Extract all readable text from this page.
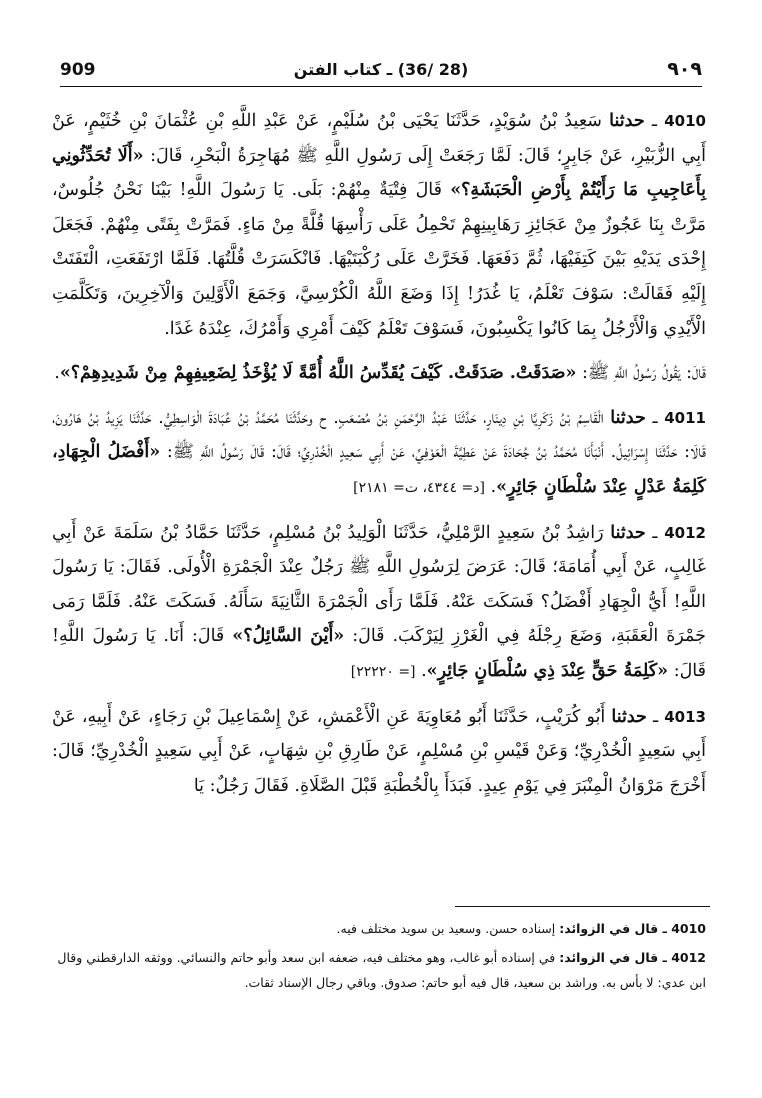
909	(28 /36) ـ كتاب الفتن	٩٠٩

4010 ـ حدثنا سَعِيدُ بْنُ سُوَيْدٍ، حَدَّثَنَا يَحْيَى بْنُ سُلَيْمٍ، عَنْ عَبْدِ اللَّهِ بْنِ عُثْمَانَ بْنِ خُثَيْمٍ، عَنْ أَبِي الزُّبَيْرِ، عَنْ جَابِرٍ؛ قَالَ: لَمَّا رَجَعَتْ إِلَى رَسُولِ اللَّهِ ﷺ مُهَاجِرَةُ الْبَحْرِ، قَالَ: «أَلَا تُحَدِّثُونِي بِأَعَاجِيبِ مَا رَأَيْتُمْ بِأَرْضِ الْحَبَشَةِ؟» قَالَ فِتْيَةٌ مِنْهُمْ: بَلَى. يَا رَسُولَ اللَّهِ! بَيْنَا نَحْنُ جُلُوسٌ، مَرَّتْ بِنَا عَجُوزٌ مِنْ عَجَائِزِ رَهَابِينِهِمْ تَحْمِلُ عَلَى رَأْسِهَا قُلَّةً مِنْ مَاءٍ. فَمَرَّتْ بِفَتًى مِنْهُمْ. فَجَعَلَ إِحْدَى يَدَيْهِ بَيْنَ كَتِفَيْهَا، ثُمَّ دَفَعَهَا. فَخَرَّتْ عَلَى رُكْبَتَيْهَا. فَانْكَسَرَتْ قُلَّتُهَا. فَلَمَّا ارْتَفَعَتِ، الْتَفَتَتْ إِلَيْهِ فَقَالَتْ: سَوْفَ تَعْلَمُ، يَا غُدَرُ! إِذَا وَضَعَ اللَّهُ الْكُرْسِيَّ، وَجَمَعَ الْأَوَّلِينَ وَالْآخِرِينَ، وَتَكَلَّمَتِ الْأَيْدِي وَالْأَرْجُلُ بِمَا كَانُوا يَكْسِبُونَ، فَسَوْفَ تَعْلَمُ كَيْفَ أَمْرِي وَأَمْرُكَ، عِنْدَهُ غَدًا.

قَالَ: يَقُولُ رَسُولُ اللَّهِ ﷺ: «صَدَقَتْ. صَدَقَتْ. كَيْفَ يُقَدِّسُ اللَّهُ أُمَّةً لَا يُؤْخَذُ لِضَعِيفِهِمْ مِنْ شَدِيدِهِمْ؟».

4011 ـ حدثنا الْقَاسِمُ بْنُ زَكَرِيَّا بْنِ دِينَارٍ، حَدَّثَنَا عَبْدُ الرَّحْمَنِ بْنُ مُصْعَبٍ. ح وحَدَّثَنَا مُحَمَّدُ بْنُ عُبَادَةَ الْوَاسِطِيُّ. حَدَّثَنَا يَزِيدُ بْنُ هَارُونَ، قَالَا: حَدَّثَنَا إِسْرَائِيلُ. أَنْبَأَنَا مُحَمَّدُ بْنُ جُحَادَةَ عَنْ عَطِيَّةَ الْعَوْفِيِّ، عَنْ أَبِي سَعِيدٍ الْخُدْرِيِّ؛ قَالَ: قَالَ رَسُولُ اللَّهِ ﷺ: «أَفْضَلُ الْجِهَادِ، كَلِمَةُ عَدْلٍ عِنْدَ سُلْطَانٍ جَائِرٍ». [د= ٤٣٤٤، ت= ٢١٨١]

4012 ـ حدثنا رَاشِدُ بْنُ سَعِيدٍ الرَّمْلِيُّ، حَدَّثَنَا الْوَلِيدُ بْنُ مُسْلِمٍ، حَدَّثَنَا حَمَّادُ بْنُ سَلَمَةَ عَنْ أَبِي غَالِبٍ، عَنْ أَبِي أُمَامَةَ؛ قَالَ: عَرَضَ لِرَسُولِ اللَّهِ ﷺ رَجُلٌ عِنْدَ الْجَمْرَةِ الْأُولَى. فَقَالَ: يَا رَسُولَ اللَّهِ! أَيُّ الْجِهَادِ أَفْضَلُ؟ فَسَكَتَ عَنْهُ. فَلَمَّا رَأَى الْجَمْرَةَ الثَّانِيَةَ سَأَلَهُ. فَسَكَتَ عَنْهُ. فَلَمَّا رَمَى جَمْرَةَ الْعَقَبَةِ، وَضَعَ رِجْلَهُ فِي الْغَرْزِ لِيَرْكَبَ. قَالَ: «أَيْنَ السَّائِلُ؟» قَالَ: أَنَا. يَا رَسُولَ اللَّهِ! قَالَ: «كَلِمَةُ حَقٍّ عِنْدَ ذِي سُلْطَانٍ جَائِرٍ». [= ٢٢٢٢٠]

4013 ـ حدثنا أَبُو كُرَيْبٍ، حَدَّثَنَا أَبُو مُعَاوِيَةَ عَنِ الْأَعْمَشِ، عَنْ إِسْمَاعِيلَ بْنِ رَجَاءٍ، عَنْ أَبِيهِ، عَنْ أَبِي سَعِيدٍ الْخُدْرِيِّ؛ وَعَنْ قَيْسِ بْنِ مُسْلِمٍ، عَنْ طَارِقِ بْنِ شِهَابٍ، عَنْ أَبِي سَعِيدٍ الْخُدْرِيِّ؛ قَالَ: أَخْرَجَ مَرْوَانُ الْمِنْبَرَ فِي يَوْمِ عِيدٍ. فَبَدَأَ بِالْخُطْبَةِ قَبْلَ الصَّلَاةِ. فَقَالَ رَجُلٌ: يَا

4010 ـ قال في الزوائد: إسناده حسن. وسعيد بن سويد مختلف فيه.

4012 ـ قال في الزوائد: في إسناده أبو غالب، وهو مختلف فيه، ضعفه ابن سعد وأبو حاتم والنسائي. ووثقه الدارقطني وقال ابن عدي: لا بأس به. وراشد بن سعيد، قال فيه أبو حاتم: صدوق. وباقي رجال الإسناد ثقات.
